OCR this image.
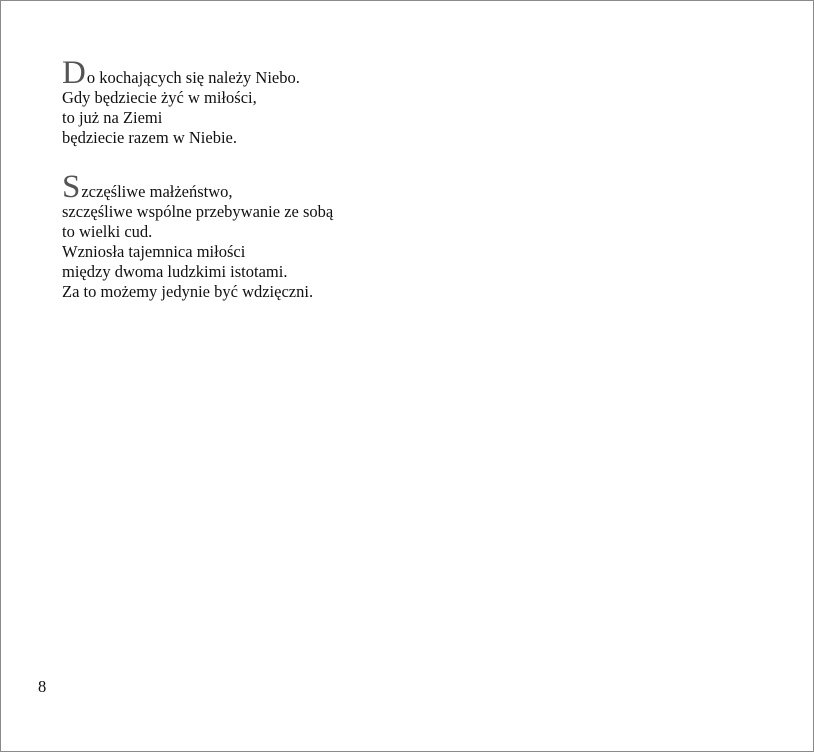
Do kochających się należy Niebo.
Gdy będziecie żyć w miłości,
to już na Ziemi
będziecie razem w Niebie.
Szczęśliwe małżeństwo,
szczęśliwe wspólne przebywanie ze sobą
to wielki cud.
Wzniosła tajemnica miłości
między dwoma ludzkimi istotami.
Za to możemy jedynie być wdzięczni.
8
